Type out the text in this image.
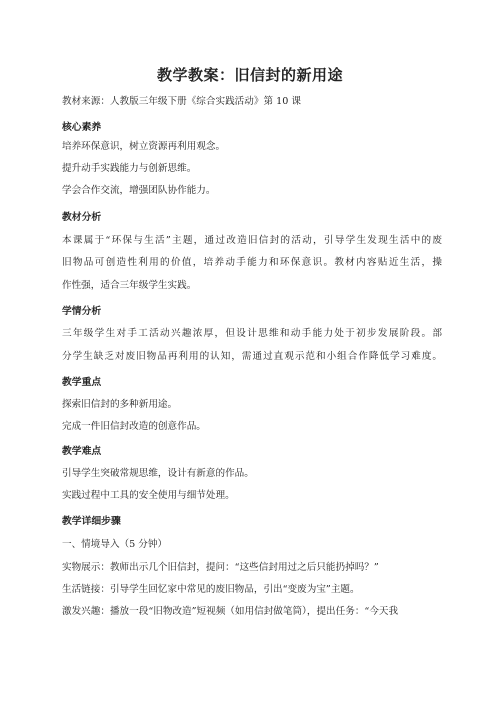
教学教案：旧信封的新用途
教材来源：人教版三年级下册《综合实践活动》第 10 课
核心素养
培养环保意识，树立资源再利用观念。
提升动手实践能力与创新思维。
学会合作交流，增强团队协作能力。
教材分析
本课属于“环保与生活”主题，通过改造旧信封的活动，引导学生发现生活中的废
旧物品可创造性利用的价值，培养动手能力和环保意识。教材内容贴近生活，操
作性强，适合三年级学生实践。
学情分析
三年级学生对手工活动兴趣浓厚，但设计思维和动手能力处于初步发展阶段。部
分学生缺乏对废旧物品再利用的认知，需通过直观示范和小组合作降低学习难度。
教学重点
探索旧信封的多种新用途。
完成一件旧信封改造的创意作品。
教学难点
引导学生突破常规思维，设计有新意的作品。
实践过程中工具的安全使用与细节处理。
教学详细步骤
一、情境导入（5 分钟）
实物展示：教师出示几个旧信封，提问：“这些信封用过之后只能扔掉吗？”
生活链接：引导学生回忆家中常见的废旧物品，引出“变废为宝”主题。
激发兴趣：播放一段“旧物改造”短视频（如用信封做笔筒），提出任务：“今天我
